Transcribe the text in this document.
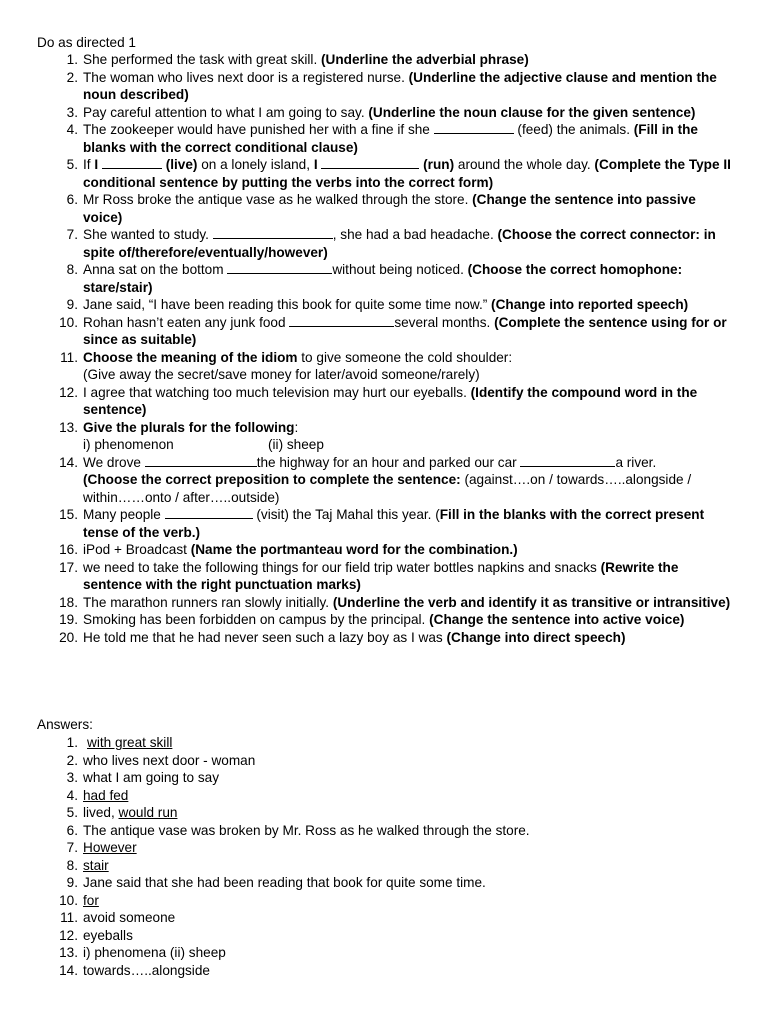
Do as directed 1
1. She performed the task with great skill. (Underline the adverbial phrase)
2. The woman who lives next door is a registered nurse. (Underline the adjective clause and mention the noun described)
3. Pay careful attention to what I am going to say. (Underline the noun clause for the given sentence)
4. The zookeeper would have punished her with a fine if she	(feed) the animals. (Fill in the blanks with the correct conditional clause)
5. If I	(live) on a lonely island, I	(run) around the whole day. (Complete the Type II conditional sentence by putting the verbs into the correct form)
6. Mr Ross broke the antique vase as he walked through the store. (Change the sentence into passive voice)
7. She wanted to study.	, she had a bad headache. (Choose the correct connector: in spite of/therefore/eventually/however)
8. Anna sat on the bottom	without being noticed. (Choose the correct homophone: stare/stair)
9. Jane said, “I have been reading this book for quite some time now.” (Change into reported speech)
10. Rohan hasn’t eaten any junk food	several months. (Complete the sentence using for or since as suitable)
11. Choose the meaning of the idiom to give someone the cold shoulder:
(Give away the secret/save money for later/avoid someone/rarely)
12. I agree that watching too much television may hurt our eyeballs. (Identify the compound word in the sentence)
13. Give the plurals for the following:
i) phenomenon	(ii) sheep
14. We drove	the highway for an hour and parked our car	a river.
(Choose the correct preposition to complete the sentence: (against….on / towards…..alongside / within……onto / after…..outside)
15. Many people	(visit) the Taj Mahal this year. (Fill in the blanks with the correct present tense of the verb.)
16. iPod + Broadcast (Name the portmanteau word for the combination.)
17. we need to take the following things for our field trip water bottles napkins and snacks (Rewrite the sentence with the right punctuation marks)
18. The marathon runners ran slowly initially. (Underline the verb and identify it as transitive or intransitive)
19. Smoking has been forbidden on campus by the principal. (Change the sentence into active voice)
20. He told me that he had never seen such a lazy boy as I was (Change into direct speech)
Answers:
1. with great skill
2. who lives next door - woman
3. what I am going to say
4. had fed
5. lived, would run
6. The antique vase was broken by Mr. Ross as he walked through the store.
7. However
8. stair
9. Jane said that she had been reading that book for quite some time.
10. for
11. avoid someone
12. eyeballs
13. i) phenomena (ii) sheep
14. towards…..alongside
